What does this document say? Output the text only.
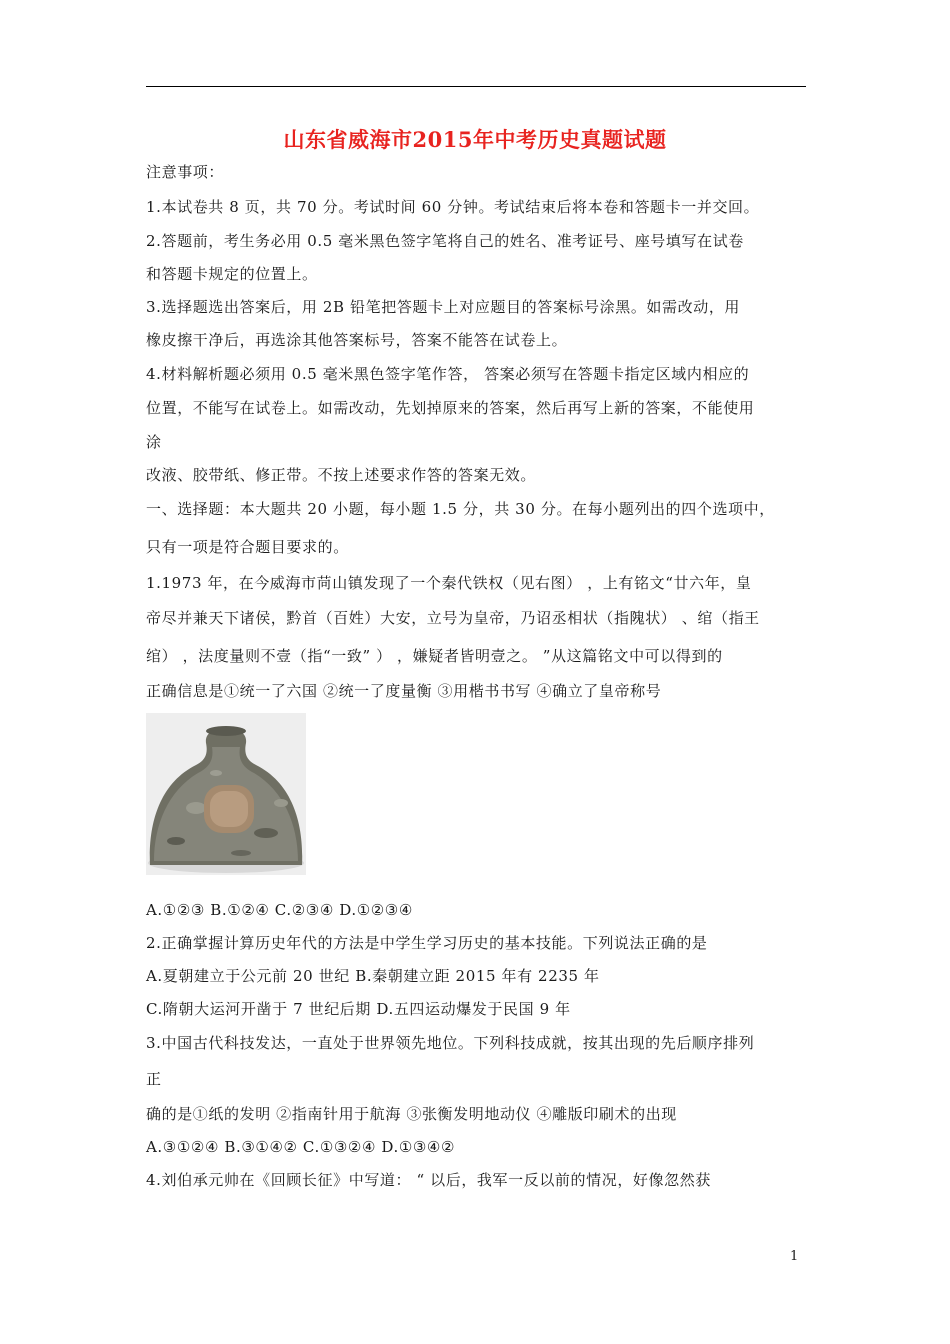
山东省威海市2015年中考历史真题试题
注意事项：
1.本试卷共 8 页，共 70 分。考试时间 60 分钟。考试结束后将本卷和答题卡一并交回。
2.答题前，考生务必用 0.5 毫米黑色签字笔将自己的姓名、准考证号、座号填写在试卷
和答题卡规定的位置上。
3.选择题选出答案后，用 2B 铅笔把答题卡上对应题目的答案标号涂黑。如需改动，用
橡皮擦干净后，再选涂其他答案标号，答案不能答在试卷上。
4.材料解析题必须用 0.5 毫米黑色签字笔作答， 答案必须写在答题卡指定区域内相应的
位置，不能写在试卷上。如需改动，先划掉原来的答案，然后再写上新的答案，不能使用
涂
改液、胶带纸、修正带。不按上述要求作答的答案无效。
一、选择题：本大题共 20 小题，每小题 1.5 分，共 30 分。在每小题列出的四个选项中，
只有一项是符合题目要求的。
1.1973 年，在今威海市苘山镇发现了一个秦代铁权（见右图） ，上有铭文“廿六年，皇
帝尽并兼天下诸侯，黔首（百姓）大安，立号为皇帝，乃诏丞相状（指隗状） 、绾（指王
绾） ，法度量则不壹（指“一致” ） ，嫌疑者皆明壹之。 ”从这篇铭文中可以得到的
正确信息是①统一了六国 ②统一了度量衡 ③用楷书书写 ④确立了皇帝称号
A.①②③ B.①②④ C.②③④ D.①②③④
2.正确掌握计算历史年代的方法是中学生学习历史的基本技能。下列说法正确的是
A.夏朝建立于公元前 20 世纪 B.秦朝建立距 2015 年有 2235 年
C.隋朝大运河开凿于 7 世纪后期 D.五四运动爆发于民国 9 年
3.中国古代科技发达，一直处于世界领先地位。下列科技成就，按其出现的先后顺序排列
正
确的是①纸的发明 ②指南针用于航海 ③张衡发明地动仪 ④雕版印刷术的出现
A.③①②④ B.③①④② C.①③②④ D.①③④②
4.刘伯承元帅在《回顾长征》中写道： “ 以后，我军一反以前的情况，好像忽然获
1
